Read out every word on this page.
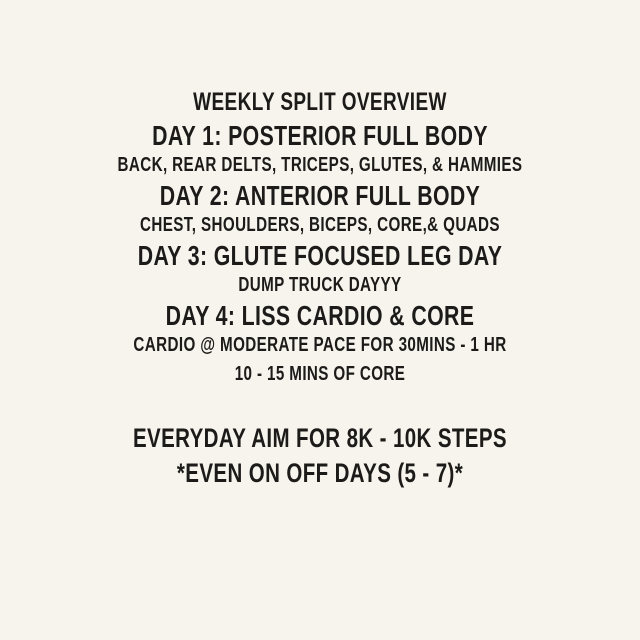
WEEKLY SPLIT OVERVIEW
DAY 1: POSTERIOR FULL BODY
BACK, REAR DELTS, TRICEPS, GLUTES, & HAMMIES
DAY 2: ANTERIOR FULL BODY
CHEST, SHOULDERS, BICEPS, CORE,& QUADS
DAY 3: GLUTE FOCUSED LEG DAY
DUMP TRUCK DAYYY
DAY 4: LISS CARDIO & CORE
CARDIO @ MODERATE PACE FOR 30MINS - 1 HR
10 - 15 MINS OF CORE
EVERYDAY AIM FOR 8K - 10K STEPS
*EVEN ON OFF DAYS (5 - 7)*
